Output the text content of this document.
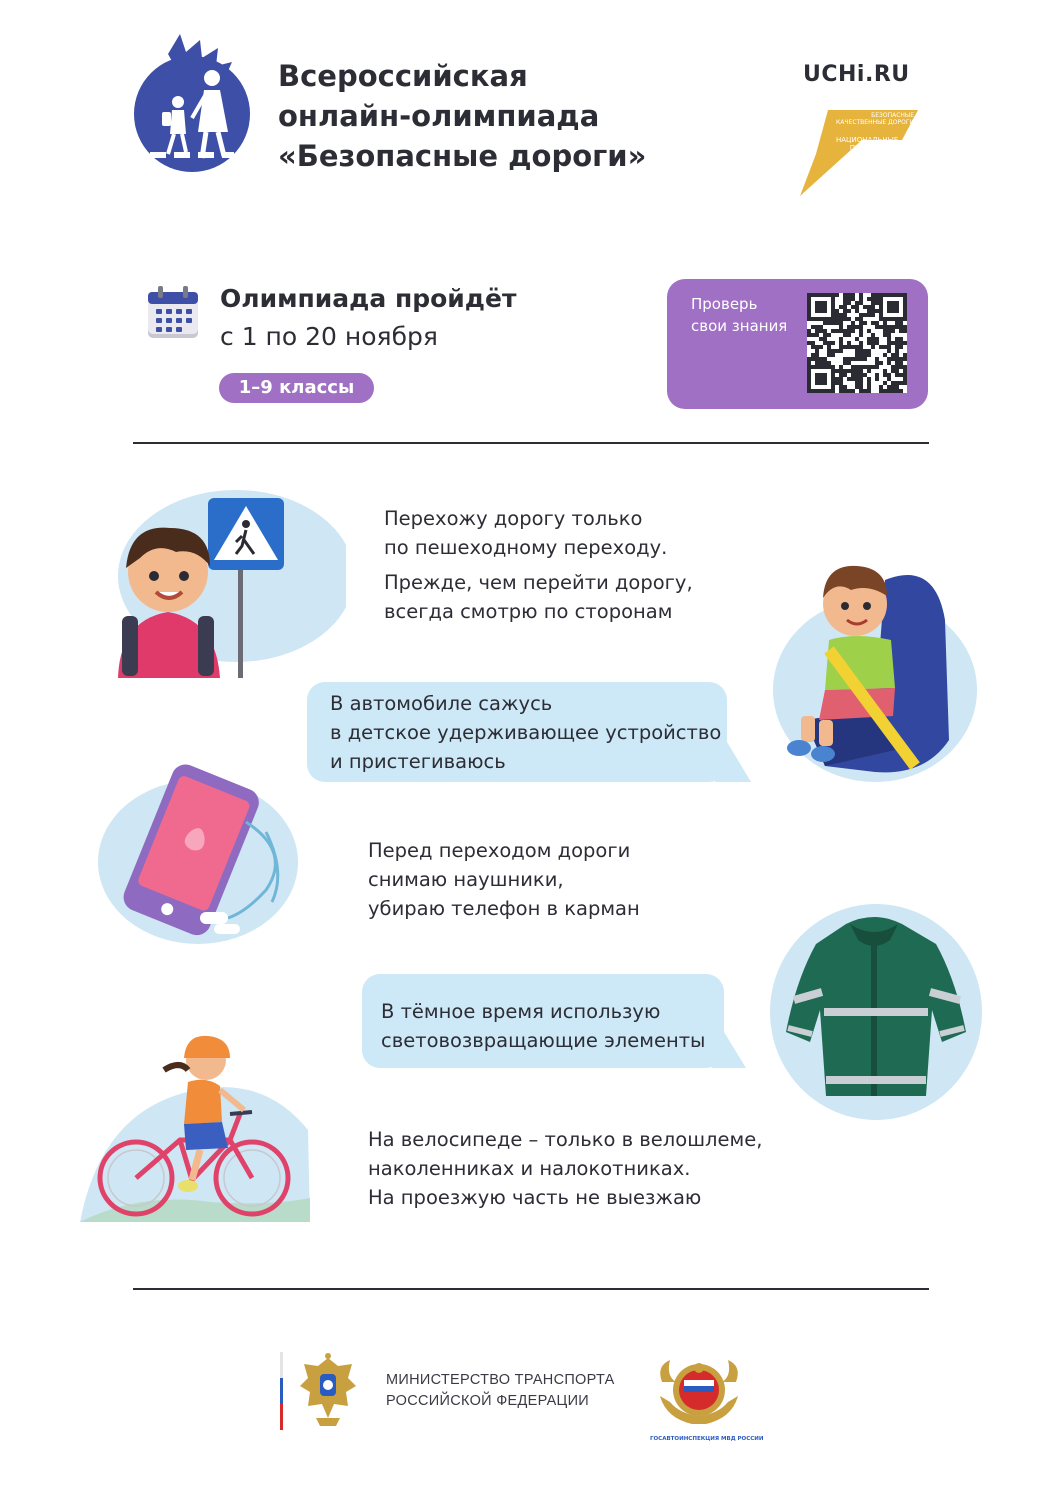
Всероссийская
онлайн-олимпиада
«Безопасные дороги»
UCHi.RU
БЕЗОПАСНЫЕ
КАЧЕСТВЕННЫЕ ДОРОГИ
НАЦИОНАЛЬНЫЕ
ПРОЕКТЫ
РОССИИ
Олимпиада пройдёт
с 1 по 20 ноября
1–9 классы
Проверь
свои знания
Перехожу дорогу только
по пешеходному переходу.
Прежде, чем перейти дорогу,
всегда смотрю по сторонам
В автомобиле сажусь
в детское удерживающее устройство
и пристегиваюсь
Перед переходом дороги
снимаю наушники,
убираю телефон в карман
В тёмное время использую
световозвращающие элементы
На велосипеде – только в велошлеме,
наколенниках и налокотниках.
На проезжую часть не выезжаю
МИНИСТЕРСТВО ТРАНСПОРТА
РОССИЙСКОЙ ФЕДЕРАЦИИ
ГОСАВТОИНСПЕКЦИЯ МВД РОССИИ
